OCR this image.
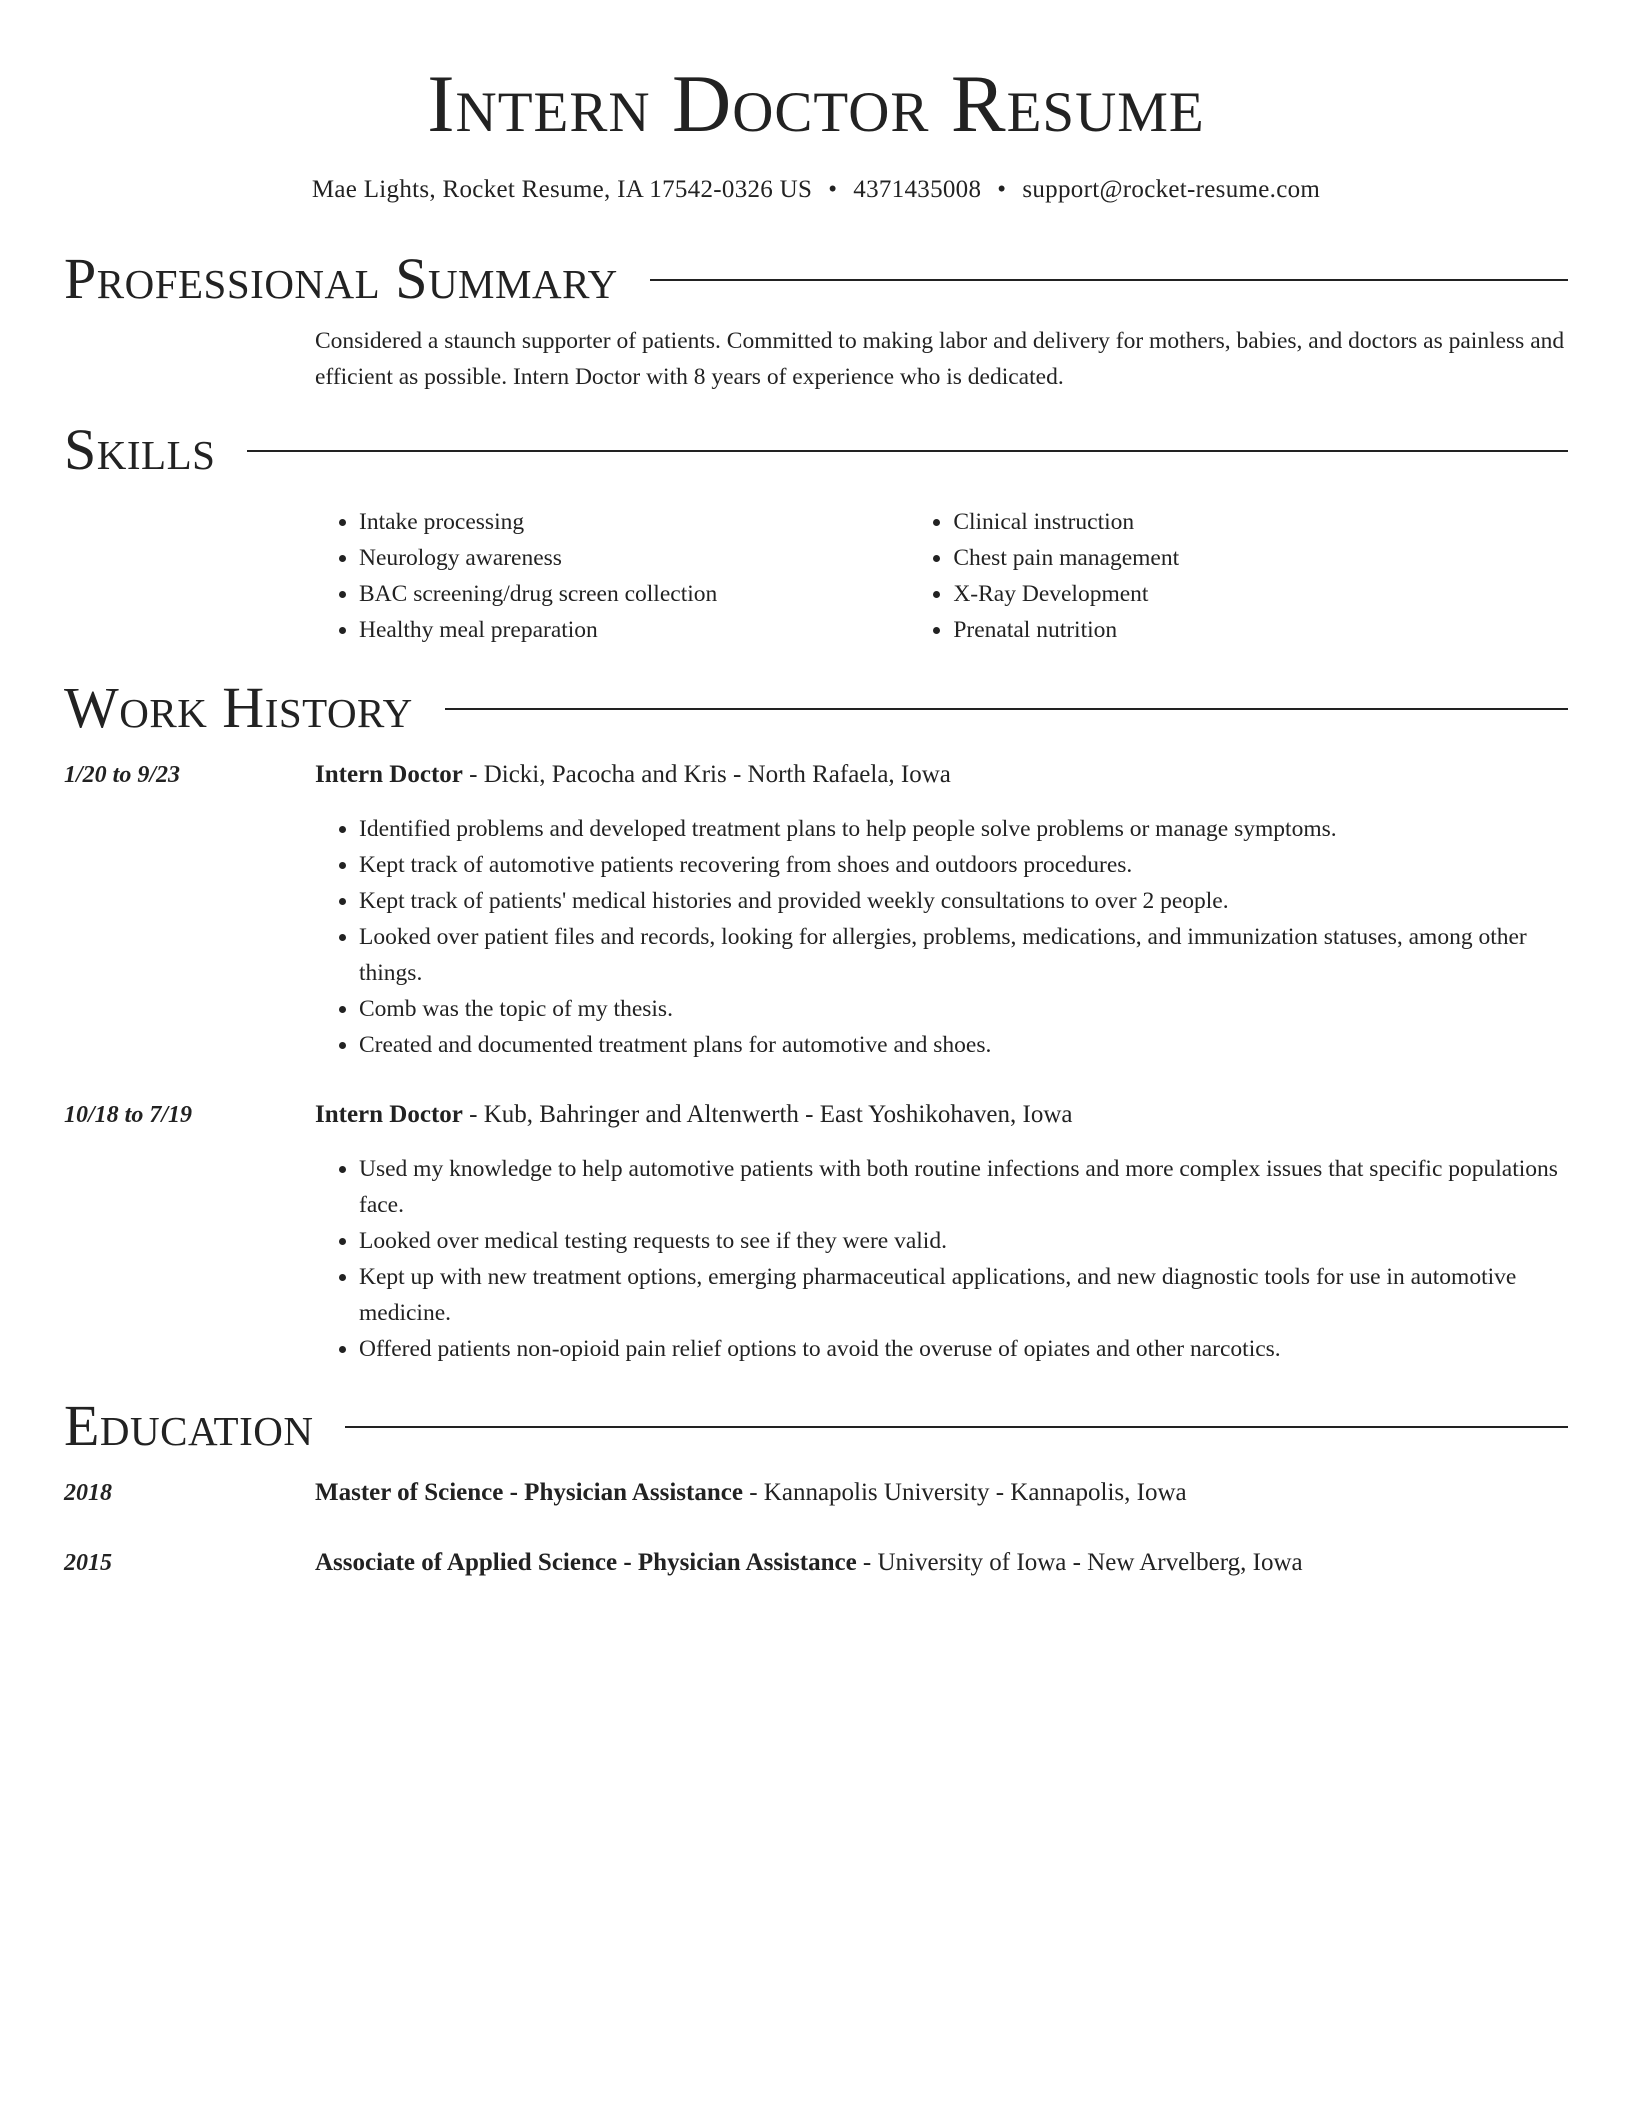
Intern Doctor Resume
Mae Lights, Rocket Resume, IA 17542-0326 US • 4371435008 • support@rocket-resume.com
Professional Summary

Considered a staunch supporter of patients. Committed to making labor and delivery for mothers, babies, and doctors as painless and efficient as possible. Intern Doctor with 8 years of experience who is dedicated.

Skills
• Intake processing
• Neurology awareness
• BAC screening/drug screen collection
• Healthy meal preparation
• Clinical instruction
• Chest pain management
• X-Ray Development
• Prenatal nutrition
Work History
1/20 to 9/23	Intern Doctor - Dicki, Pacocha and Kris - North Rafaela, Iowa
• Identified problems and developed treatment plans to help people solve problems or manage symptoms.
• Kept track of automotive patients recovering from shoes and outdoors procedures.
• Kept track of patients' medical histories and provided weekly consultations to over 2 people.
• Looked over patient files and records, looking for allergies, problems, medications, and immunization statuses, among other things.
• Comb was the topic of my thesis.
• Created and documented treatment plans for automotive and shoes.
10/18 to 7/19	Intern Doctor - Kub, Bahringer and Altenwerth - East Yoshikohaven, Iowa
• Used my knowledge to help automotive patients with both routine infections and more complex issues that specific populations face.
• Looked over medical testing requests to see if they were valid.
• Kept up with new treatment options, emerging pharmaceutical applications, and new diagnostic tools for use in automotive medicine.
• Offered patients non-opioid pain relief options to avoid the overuse of opiates and other narcotics.
Education
2018	Master of Science - Physician Assistance - Kannapolis University - Kannapolis, Iowa
2015	Associate of Applied Science - Physician Assistance - University of Iowa - New Arvelberg, Iowa
